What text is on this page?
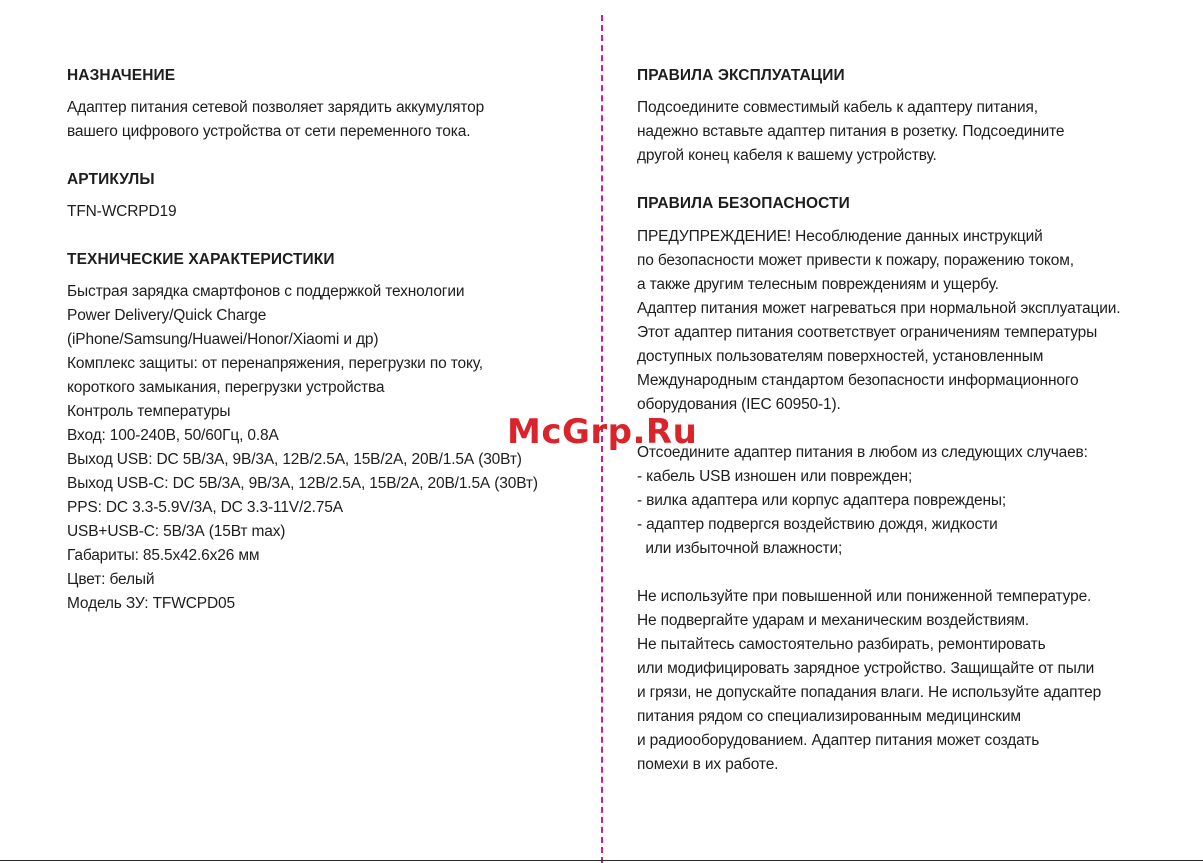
НАЗНАЧЕНИЕ
Адаптер питания сетевой позволяет зарядить аккумулятор
вашего цифрового устройства от сети переменного тока.
АРТИКУЛЫ
TFN-WCRPD19
ТЕХНИЧЕСКИЕ ХАРАКТЕРИСТИКИ
Быстрая зарядка смартфонов с поддержкой технологии
Power Delivery/Quick Charge
(iPhone/Samsung/Huawei/Honor/Xiaomi и др)
Комплекс защиты: от перенапряжения, перегрузки по току,
короткого замыкания, перегрузки устройства
Контроль температуры
Вход: 100-240В, 50/60Гц, 0.8А
Выход USB: DC 5В/3А, 9В/3А, 12В/2.5А, 15В/2А, 20В/1.5А (30Вт)
Выход USB-C: DC 5В/3А, 9В/3А, 12В/2.5А, 15В/2А, 20В/1.5А (30Вт)
PPS: DC 3.3-5.9V/3A, DC 3.3-11V/2.75A
USB+USB-C: 5В/3А (15Вт max)
Габариты: 85.5x42.6x26 мм
Цвет: белый
Модель ЗУ: TFWCPD05
ПРАВИЛА ЭКСПЛУАТАЦИИ
Подсоедините совместимый кабель к адаптеру питания,
надежно вставьте адаптер питания в розетку. Подсоедините
другой конец кабеля к вашему устройству.
ПРАВИЛА БЕЗОПАСНОСТИ
ПРЕДУПРЕЖДЕНИЕ! Несоблюдение данных инструкций
по безопасности может привести к пожару, поражению током,
а также другим телесным повреждениям и ущербу.
Адаптер питания может нагреваться при нормальной эксплуатации.
Этот адаптер питания соответствует ограничениям температуры
доступных пользователям поверхностей, установленным
Международным стандартом безопасности информационного
оборудования (IEC 60950-1).
Отсоедините адаптер питания в любом из следующих случаев:
- кабель USB изношен или поврежден;
- вилка адаптера или корпус адаптера повреждены;
- адаптер подвергся воздействию дождя, жидкости
или избыточной влажности;
Не используйте при повышенной или пониженной температуре.
Не подвергайте ударам и механическим воздействиям.
Не пытайтесь самостоятельно разбирать, ремонтировать
или модифицировать зарядное устройство. Защищайте от пыли
и грязи, не допускайте попадания влаги. Не используйте адаптер
питания рядом со специализированным медицинским
и радиооборудованием. Адаптер питания может создать
помехи в их работе.
McGrp.Ru
